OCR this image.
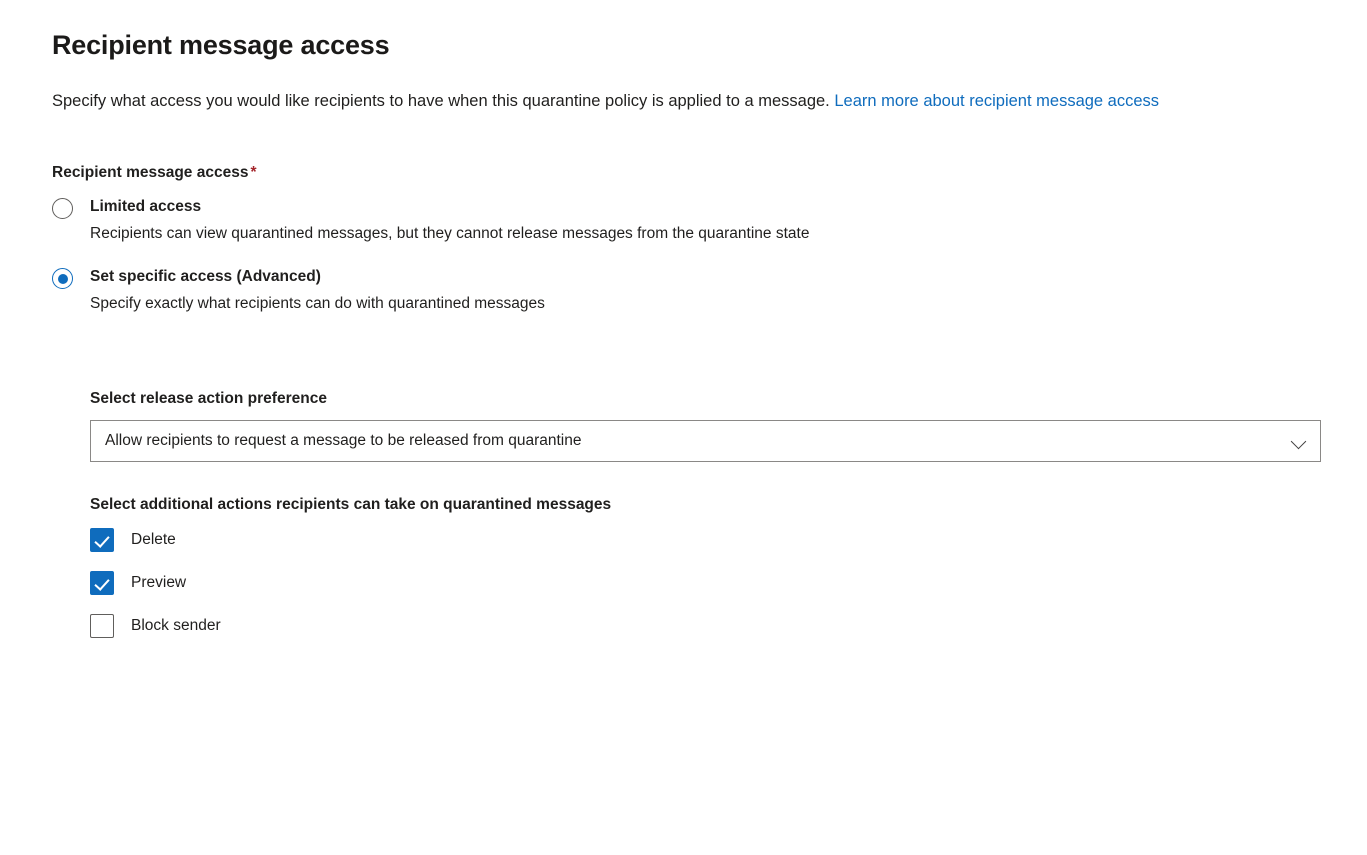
Recipient message access
Specify what access you would like recipients to have when this quarantine policy is applied to a message. Learn more about recipient message access
Recipient message access *
Limited access
Recipients can view quarantined messages, but they cannot release messages from the quarantine state
Set specific access (Advanced)
Specify exactly what recipients can do with quarantined messages
Select release action preference
Allow recipients to request a message to be released from quarantine
Select additional actions recipients can take on quarantined messages
Delete
Preview
Block sender
